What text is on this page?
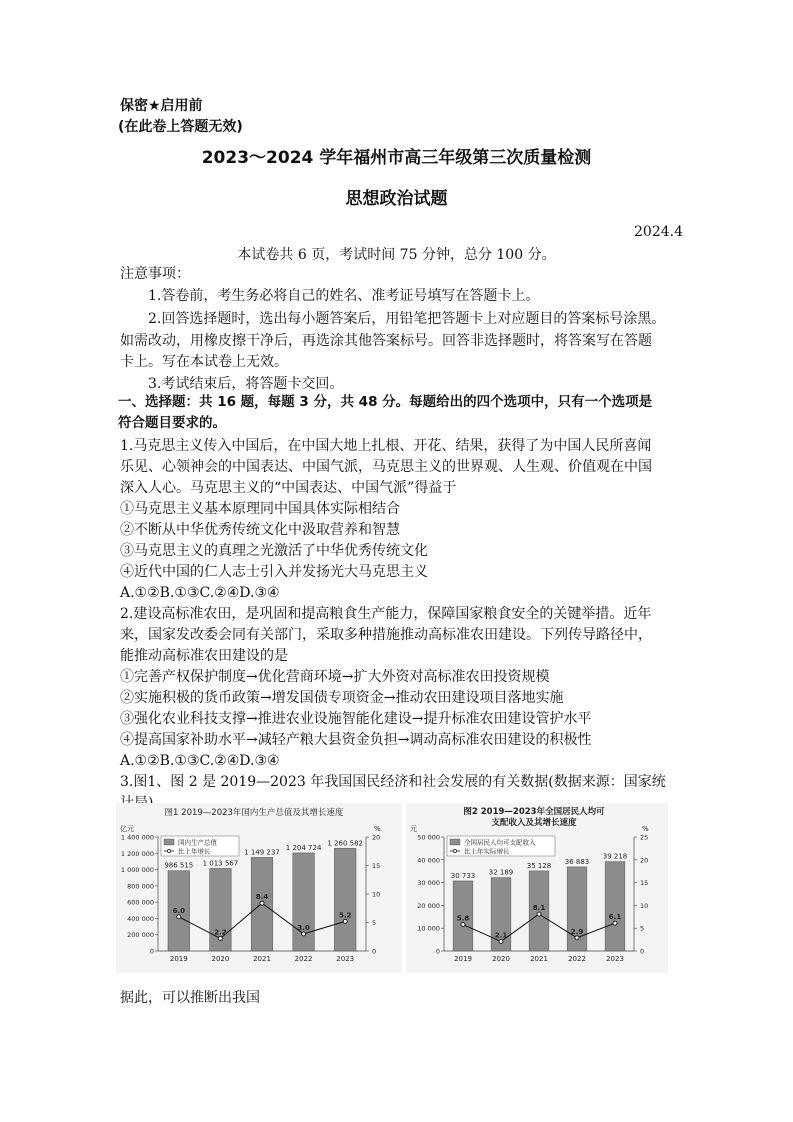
保密★启用前
(在此卷上答题无效)
2023～2024 学年福州市高三年级第三次质量检测
思想政治试题
2024.4
本试卷共 6 页，考试时间 75 分钟，总分 100 分。
注意事项：
1.答卷前，考生务必将自己的姓名、准考证号填写在答题卡上。
2.回答选择题时，选出每小题答案后，用铅笔把答题卡上对应题目的答案标号涂黑。
如需改动，用橡皮擦干净后，再选涂其他答案标号。回答非选择题时，将答案写在答题
卡上。写在本试卷上无效。
3.考试结束后，将答题卡交回。
一、选择题：共 16 题，每题 3 分，共 48 分。每题给出的四个选项中，只有一个选项是
符合题目要求的。
1.马克思主义传入中国后，在中国大地上扎根、开花、结果，获得了为中国人民所喜闻
乐见、心领神会的中国表达、中国气派，马克思主义的世界观、人生观、价值观在中国
深入人心。马克思主义的“中国表达、中国气派”得益于
①马克思主义基本原理同中国具体实际相结合
②不断从中华优秀传统文化中汲取营养和智慧
③马克思主义的真理之光激活了中华优秀传统文化
④近代中国的仁人志士引入并发扬光大马克思主义
A.①②B.①③C.②④D.③④
2.建设高标准农田，是巩固和提高粮食生产能力，保障国家粮食安全的关键举措。近年
来，国家发改委会同有关部门，采取多种措施推动高标准农田建设。下列传导路径中，
能推动高标准农田建设的是
①完善产权保护制度→优化营商环境→扩大外资对高标准农田投资规模
②实施积极的货币政策→增发国债专项资金→推动农田建设项目落地实施
③强化农业科技支撑→推进农业设施智能化建设→提升标准农田建设管护水平
④提高国家补助水平→减轻产粮大县资金负担→调动高标准农田建设的积极性
A.①②B.①③C.②④D.③④
3.图1、图 2 是 2019—2023 年我国国民经济和社会发展的有关数据(数据来源：国家统
图1 2019—2023年国内生产总值及其增长速度
亿元	%
0
200 000
400 000
600 000
800 000
1 000 000
1 200 000
1 400 000
0
5
10
15
20
986 515
2019
1 013 567
2020
1 149 237
2021
1 204 724
2022
1 260 582
2023
6.0
2.2
8.4
3.0
5.2
国内生产总值
比上年增长
图2 2019—2023年全国居民人均可
支配收入及其增长速度
元	%
0
10 000
20 000
30 000
40 000
50 000
0
5
10
15
20
25
30 733
2019
32 189
2020
35 128
2021
36 883
2022
39 218
2023
5.8
2.1
8.1
2.9
6.1
全国居民人均可支配收入
比上年实际增长
据此，可以推断出我国
